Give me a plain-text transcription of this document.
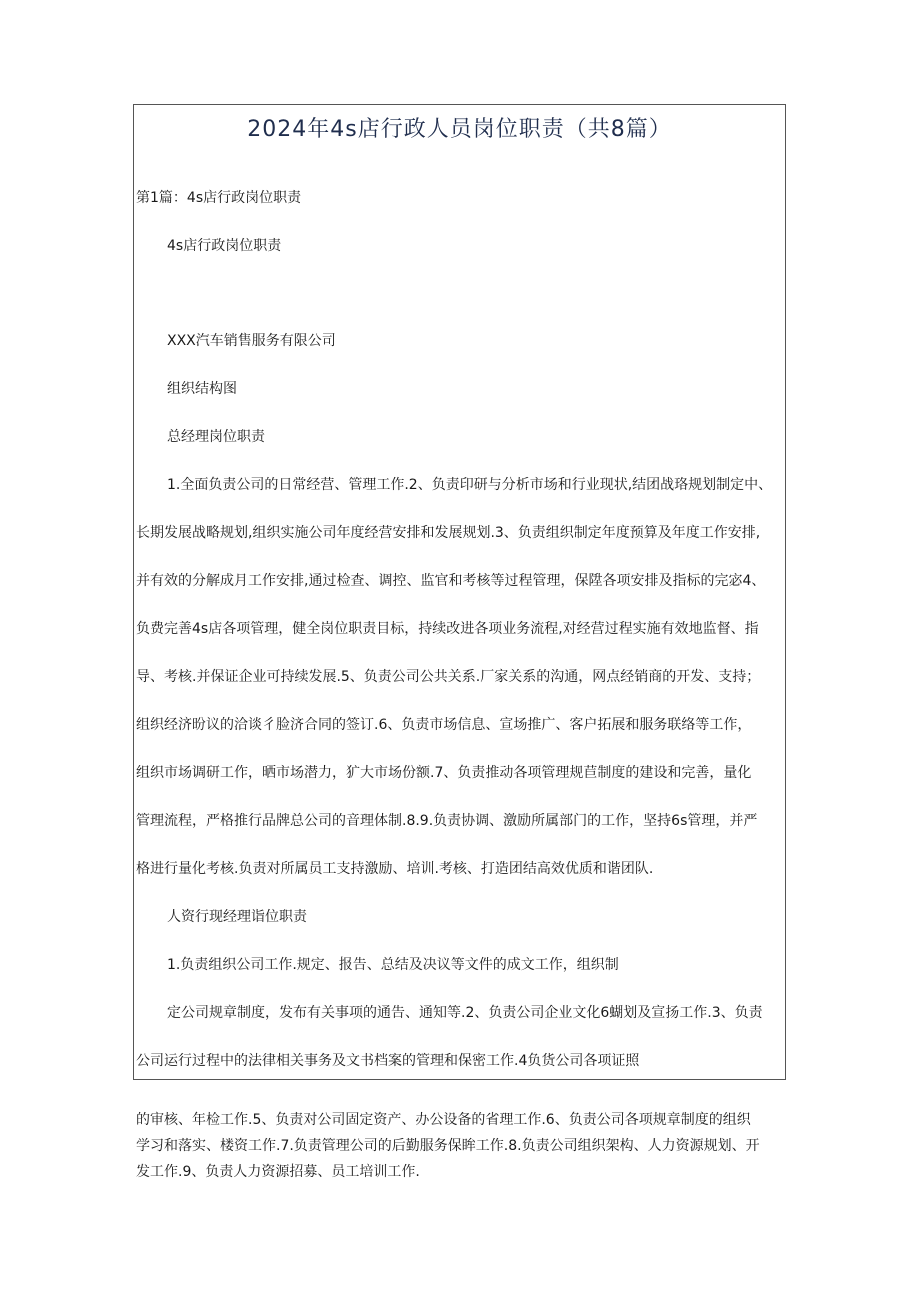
2024年4s店行政人员岗位职责（共8篇）
第1篇：4s店行政岗位职责
4s店行政岗位职责
XXX汽车销售服务有限公司
组织结构图
总经理岗位职责
1.全面负责公司的日常经营、管理工作.2、负责印研与分析市场和行业现状,结团战珞规划制定中、
长期发展战略规划,组织实施公司年度经营安排和发展规划.3、负责组织制定年度预算及年度工作安排,
并有效的分解成月工作安排,通过检查、调控、监官和考核等过程管理，保陞各项安排及指标的完宓4、
负费完善4s店各项管理，健全岗位职责目标，持续改进各项业务流程,对经营过程实施有效地监督、指
导、考核.并保证企业可持续发展.5、负责公司公共关系.厂家关系的沟通，网点经销商的开发、支持；
组织经济昐议的洽谈彳脸济合同的签订.6、负责市场信息、宣场推广、客户拓展和服务联络等工作，
组织市场调研工作，晒市场潜力，犷大市场份额.7、负责推动各项管理规苣制度的建设和完善，量化
管理流程，严格推行品牌总公司的音理体制.8.9.负责协调、激励所属部门的工作，坚持6s管理，并严
格进行量化考核.负责对所属员工支持激励、培训.考核、打造团结高效优质和谐团队.
人资行现经理诣位职责
1.负责组织公司工作.规定、报告、总结及决议等文件的成文工作，组织制
定公司规章制度，发布有关事项的通告、通知等.2、负责公司企业文化6蝴划及宣扬工作.3、负责
公司运行过程中的法律相关事务及文书档案的管理和保密工作.4负货公司各项证照
的审核、年检工作.5、负责对公司固定资产、办公设备的省理工作.6、负责公司各项规章制度的组织
学习和落实、楼资工作.7.负责管理公司的后勤服务保眸工作.8.负责公司组织架构、人力资源规划、开
发工作.9、负责人力资源招募、员工培训工作.
